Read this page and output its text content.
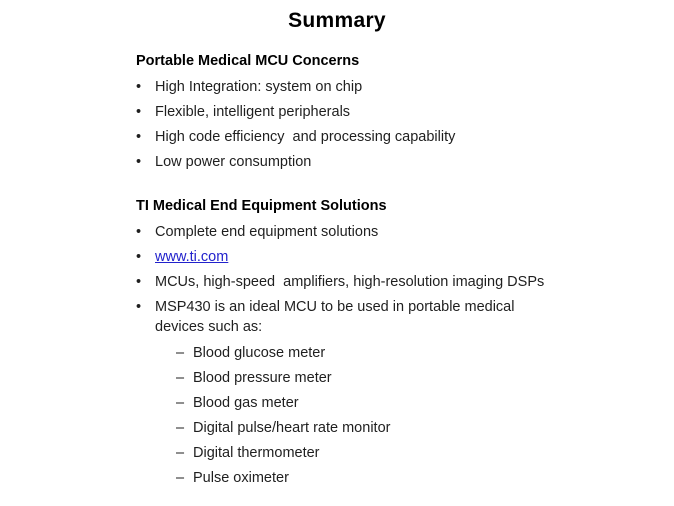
Summary
Portable Medical MCU Concerns
• High Integration: system on chip
• Flexible, intelligent peripherals
• High code efficiency  and processing capability
• Low power consumption
TI Medical End Equipment Solutions
• Complete end equipment solutions
• www.ti.com
• MCUs, high-speed  amplifiers, high-resolution imaging DSPs
• MSP430 is an ideal MCU to be used in portable medical devices such as:
– Blood glucose meter
– Blood pressure meter
– Blood gas meter
– Digital pulse/heart rate monitor
– Digital thermometer
– Pulse oximeter
